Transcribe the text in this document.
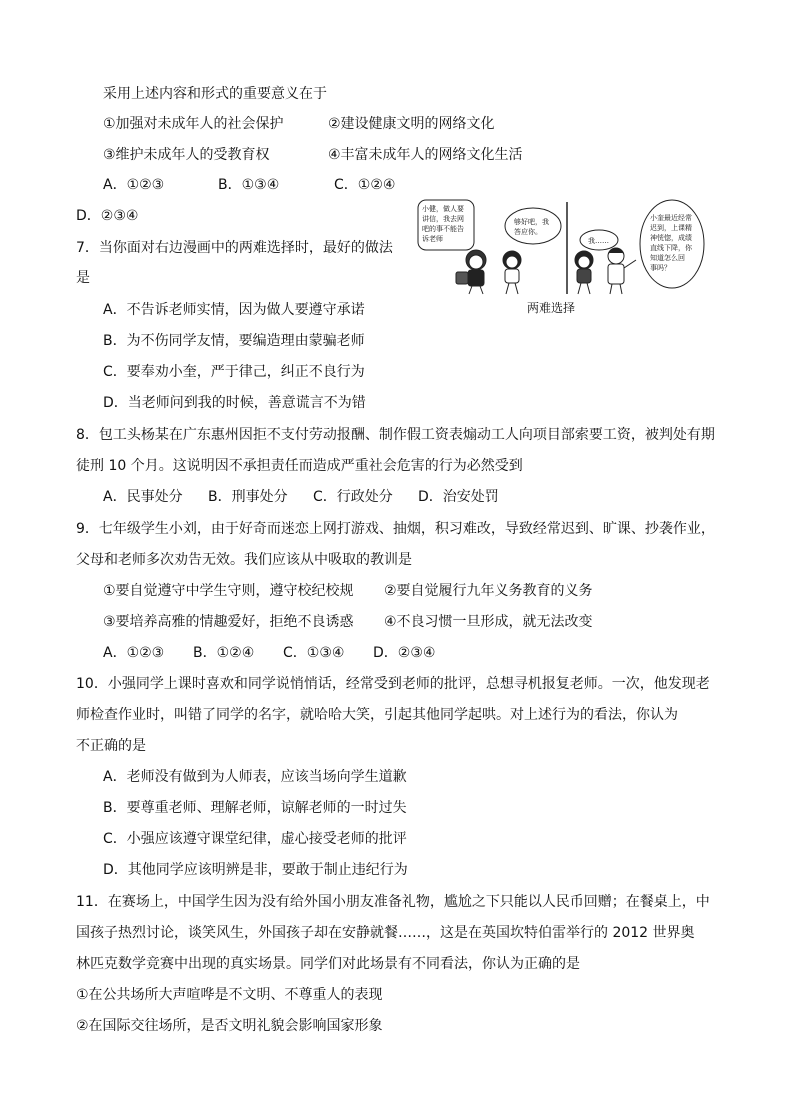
采用上述内容和形式的重要意义在于
①加强对未成年人的社会保护	②建设健康文明的网络文化
③维护未成年人的受教育权	④丰富未成年人的网络文化生活
A．①②③	B．①③④	C．①②④
D．②③④
7．当你面对右边漫画中的两难选择时，最好的做法
是
A．不告诉老师实情，因为做人要遵守承诺
B．为不伤同学友情，要编造理由蒙骗老师
C．要奉劝小奎，严于律己，纠正不良行为
D．当老师问到我的时候，善意谎言不为错
小健，做人要 讲信，我去网 吧的事不能告 诉老师
够好吧，我 答应你。
我……
小奎最近经常 迟到，上课精 神恍惚，成绩 直线下降，你 知道怎么回 事吗？
两难选择
8．包工头杨某在广东惠州因拒不支付劳动报酬、制作假工资表煽动工人向项目部索要工资，被判处有期
徒刑 10 个月。这说明因不承担责任而造成严重社会危害的行为必然受到
A．民事处分 B．刑事处分 C．行政处分 D．治安处罚
9．七年级学生小刘，由于好奇而迷恋上网打游戏、抽烟，积习难改，导致经常迟到、旷课、抄袭作业，
父母和老师多次劝告无效。我们应该从中吸取的教训是
①要自觉遵守中学生守则，遵守校纪校规 ②要自觉履行九年义务教育的义务
③要培养高雅的情趣爱好，拒绝不良诱惑 ④不良习惯一旦形成，就无法改变
A．①②③ B．①②④ C．①③④ D．②③④
10．小强同学上课时喜欢和同学说悄悄话，经常受到老师的批评，总想寻机报复老师。一次，他发现老
师检查作业时，叫错了同学的名字，就哈哈大笑，引起其他同学起哄。对上述行为的看法，你认为
不正确的是
A．老师没有做到为人师表，应该当场向学生道歉
B．要尊重老师、理解老师，谅解老师的一时过失
C．小强应该遵守课堂纪律，虚心接受老师的批评
D．其他同学应该明辨是非，要敢于制止违纪行为
11．在赛场上，中国学生因为没有给外国小朋友准备礼物，尴尬之下只能以人民币回赠；在餐桌上，中
国孩子热烈讨论，谈笑风生，外国孩子却在安静就餐……，这是在英国坎特伯雷举行的 2012 世界奥
林匹克数学竞赛中出现的真实场景。同学们对此场景有不同看法，你认为正确的是
①在公共场所大声喧哗是不文明、不尊重人的表现
②在国际交往场所，是否文明礼貌会影响国家形象
